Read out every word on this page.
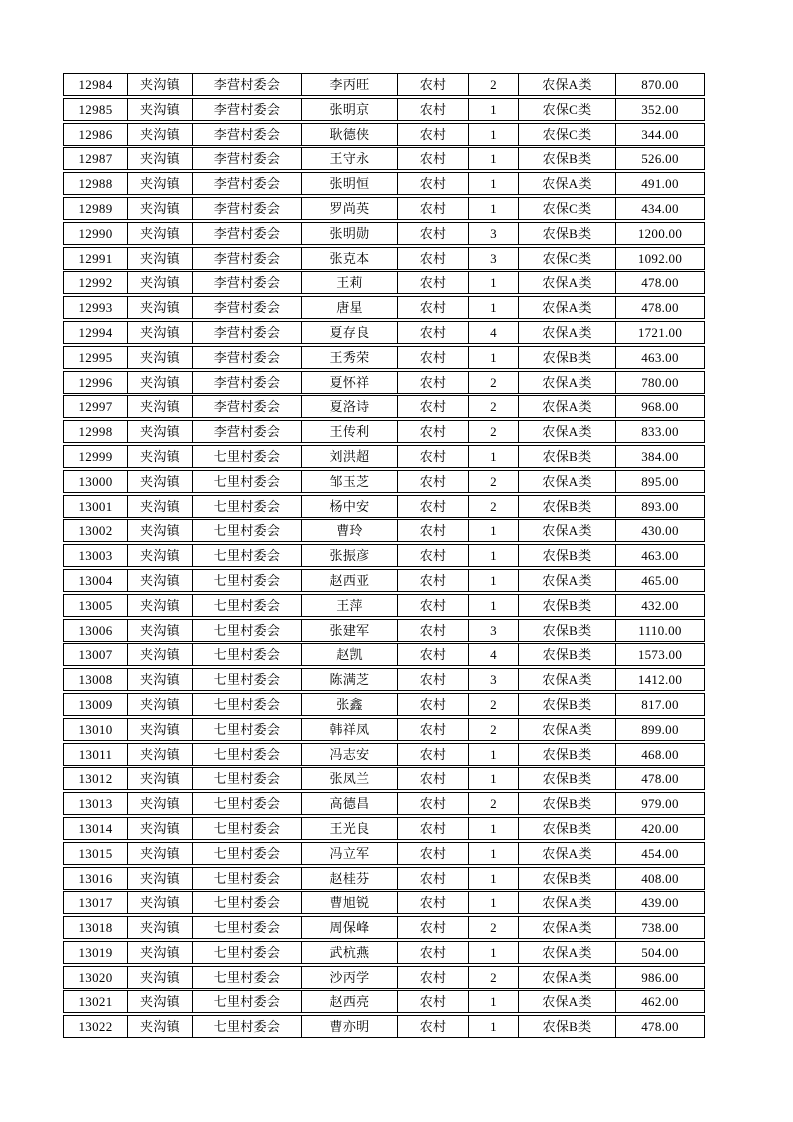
12984	夹沟镇	李营村委会	李丙旺	农村	2	农保A类	870.00
12985	夹沟镇	李营村委会	张明京	农村	1	农保C类	352.00
12986	夹沟镇	李营村委会	耿德侠	农村	1	农保C类	344.00
12987	夹沟镇	李营村委会	王守永	农村	1	农保B类	526.00
12988	夹沟镇	李营村委会	张明恒	农村	1	农保A类	491.00
12989	夹沟镇	李营村委会	罗尚英	农村	1	农保C类	434.00
12990	夹沟镇	李营村委会	张明勋	农村	3	农保B类	1200.00
12991	夹沟镇	李营村委会	张克本	农村	3	农保C类	1092.00
12992	夹沟镇	李营村委会	王莉	农村	1	农保A类	478.00
12993	夹沟镇	李营村委会	唐星	农村	1	农保A类	478.00
12994	夹沟镇	李营村委会	夏存良	农村	4	农保A类	1721.00
12995	夹沟镇	李营村委会	王秀荣	农村	1	农保B类	463.00
12996	夹沟镇	李营村委会	夏怀祥	农村	2	农保A类	780.00
12997	夹沟镇	李营村委会	夏洛诗	农村	2	农保A类	968.00
12998	夹沟镇	李营村委会	王传利	农村	2	农保A类	833.00
12999	夹沟镇	七里村委会	刘洪超	农村	1	农保B类	384.00
13000	夹沟镇	七里村委会	邹玉芝	农村	2	农保A类	895.00
13001	夹沟镇	七里村委会	杨中安	农村	2	农保B类	893.00
13002	夹沟镇	七里村委会	曹玲	农村	1	农保A类	430.00
13003	夹沟镇	七里村委会	张振彦	农村	1	农保B类	463.00
13004	夹沟镇	七里村委会	赵西亚	农村	1	农保A类	465.00
13005	夹沟镇	七里村委会	王萍	农村	1	农保B类	432.00
13006	夹沟镇	七里村委会	张建军	农村	3	农保B类	1110.00
13007	夹沟镇	七里村委会	赵凯	农村	4	农保B类	1573.00
13008	夹沟镇	七里村委会	陈满芝	农村	3	农保A类	1412.00
13009	夹沟镇	七里村委会	张鑫	农村	2	农保B类	817.00
13010	夹沟镇	七里村委会	韩祥凤	农村	2	农保A类	899.00
13011	夹沟镇	七里村委会	冯志安	农村	1	农保B类	468.00
13012	夹沟镇	七里村委会	张凤兰	农村	1	农保B类	478.00
13013	夹沟镇	七里村委会	高德昌	农村	2	农保B类	979.00
13014	夹沟镇	七里村委会	王光良	农村	1	农保B类	420.00
13015	夹沟镇	七里村委会	冯立军	农村	1	农保A类	454.00
13016	夹沟镇	七里村委会	赵桂芬	农村	1	农保B类	408.00
13017	夹沟镇	七里村委会	曹旭锐	农村	1	农保A类	439.00
13018	夹沟镇	七里村委会	周保峰	农村	2	农保A类	738.00
13019	夹沟镇	七里村委会	武杭燕	农村	1	农保A类	504.00
13020	夹沟镇	七里村委会	沙丙学	农村	2	农保A类	986.00
13021	夹沟镇	七里村委会	赵西亮	农村	1	农保A类	462.00
13022	夹沟镇	七里村委会	曹亦明	农村	1	农保B类	478.00
